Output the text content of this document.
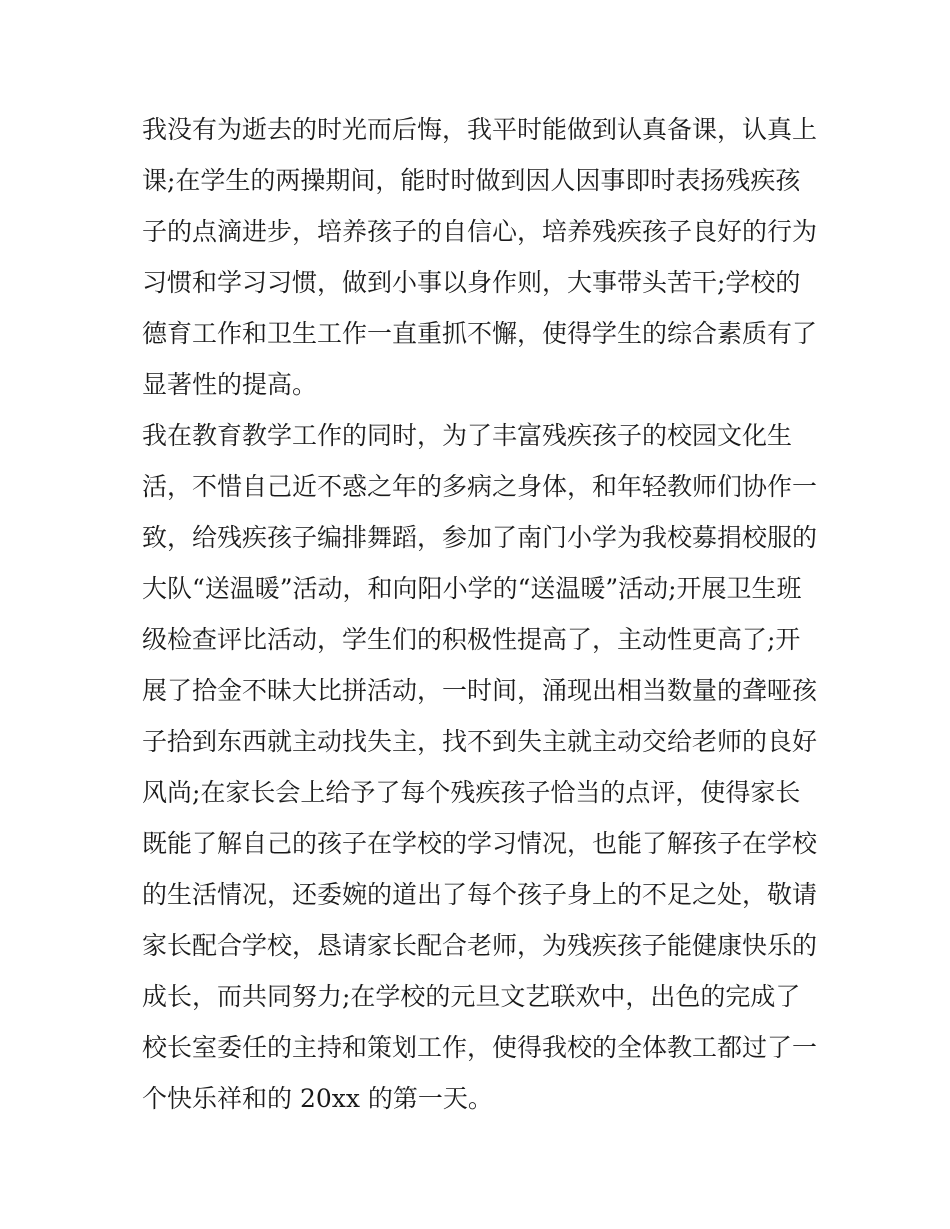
我没有为逝去的时光而后悔，我平时能做到认真备课，认真上
课;在学生的两操期间，能时时做到因人因事即时表扬残疾孩
子的点滴进步，培养孩子的自信心，培养残疾孩子良好的行为
习惯和学习习惯，做到小事以身作则，大事带头苦干;学校的
德育工作和卫生工作一直重抓不懈，使得学生的综合素质有了
显著性的提高。
我在教育教学工作的同时，为了丰富残疾孩子的校园文化生
活，不惜自己近不惑之年的多病之身体，和年轻教师们协作一
致，给残疾孩子编排舞蹈，参加了南门小学为我校募捐校服的
大队“送温暖”活动，和向阳小学的“送温暖”活动;开展卫生班
级检查评比活动，学生们的积极性提高了，主动性更高了;开
展了拾金不昧大比拼活动，一时间，涌现出相当数量的聋哑孩
子拾到东西就主动找失主，找不到失主就主动交给老师的良好
风尚;在家长会上给予了每个残疾孩子恰当的点评，使得家长
既能了解自己的孩子在学校的学习情况，也能了解孩子在学校
的生活情况，还委婉的道出了每个孩子身上的不足之处，敬请
家长配合学校，恳请家长配合老师，为残疾孩子能健康快乐的
成长，而共同努力;在学校的元旦文艺联欢中，出色的完成了
校长室委任的主持和策划工作，使得我校的全体教工都过了一
个快乐祥和的 20xx 的第一天。
